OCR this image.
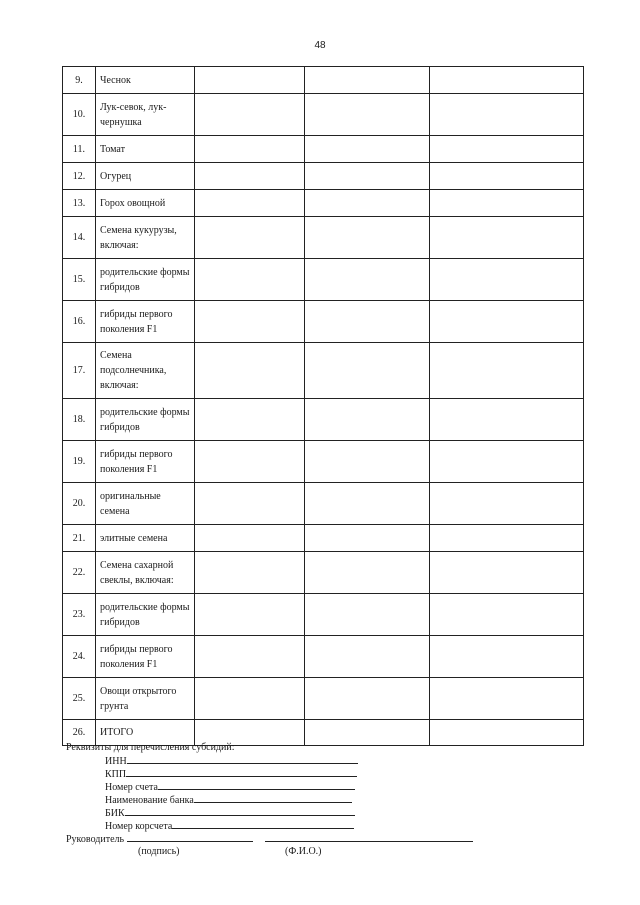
48
9.	Чеснок			
10.	Лук-севок, лук-чернушка			
11.	Томат			
12.	Огурец			
13.	Горох овощной			
14.	Семена кукурузы, включая:			
15.	родительские формы гибридов			
16.	гибриды первого поколения F1			
17.	Семена подсолнечника, включая:			
18.	родительские формы гибридов			
19.	гибриды первого поколения F1			
20.	оригинальные семена			
21.	элитные семена			
22.	Семена сахарной свеклы, включая:			
23.	родительские формы гибридов			
24.	гибриды первого поколения F1			
25.	Овощи открытого грунта			
26.	ИТОГО			
Реквизиты для перечисления субсидий:
ИНН
КПП
Номер счета
Наименование банка
БИК
Номер корсчета
Руководитель
(подпись)	(Ф.И.О.)
